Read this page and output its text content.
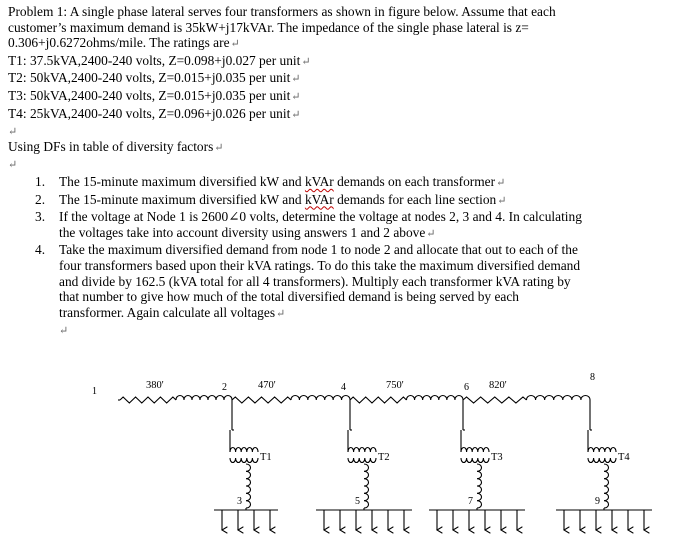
Problem 1: A single phase lateral serves four transformers as shown in figure below. Assume that each
customer’s maximum demand is 35kW+j17kVAr. The impedance of the single phase lateral is z=
0.306+j0.6272ohms/mile. The ratings are↵
T1: 37.5kVA,2400-240 volts, Z=0.098+j0.027 per unit↵
T2: 50kVA,2400-240 volts, Z=0.015+j0.035 per unit↵
T3: 50kVA,2400-240 volts, Z=0.015+j0.035 per unit↵
T4: 25kVA,2400-240 volts, Z=0.096+j0.026 per unit↵
↵
Using DFs in table of diversity factors↵
↵
1. The 15-minute maximum diversified kW and kVAr demands on each transformer↵
2. The 15-minute maximum diversified kW and kVAr demands for each line section↵
3. If the voltage at Node 1 is 2600∠0 volts, determine the voltage at nodes 2, 3 and 4. In calculating
the voltages take into account diversity using answers 1 and 2 above↵
4. Take the maximum diversified demand from node 1 to node 2 and allocate that out to each of the
four transformers based upon their kVA ratings. To do this take the maximum diversified demand
and divide by 162.5 (kVA total for all 4 transformers). Multiply each transformer kVA rating by
that number to give how much of the total diversified demand is being served by each
transformer. Again calculate all voltages↵
↵
380'	470'	750'	820'
1	2	4	6
8
T1
3
T2
5
T3
7
T4
9
